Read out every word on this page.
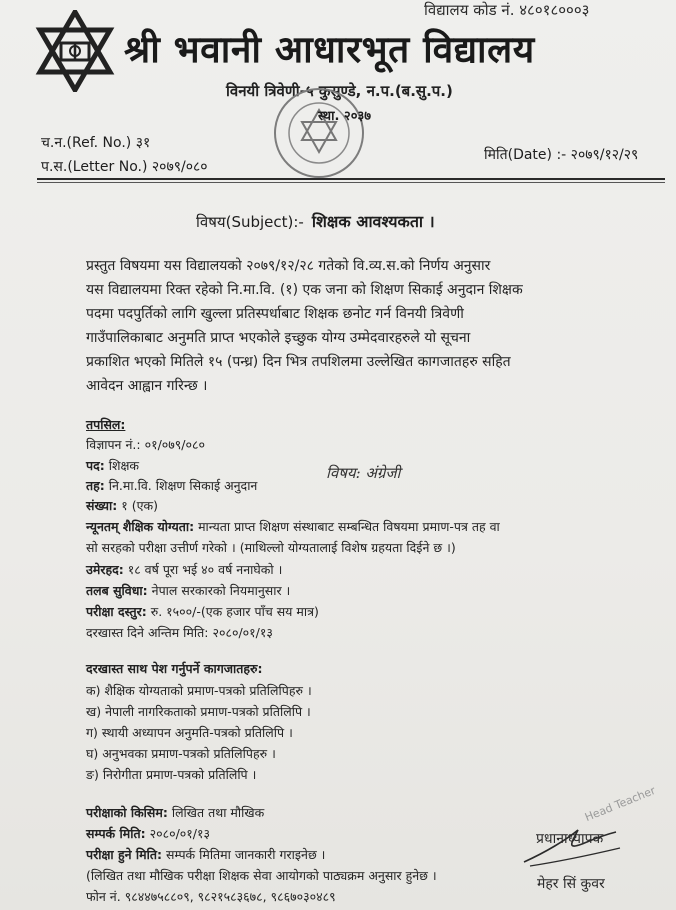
विद्यालय कोड नं. ४८०१८०००३
श्री भवानी आधारभूत विद्यालय
विनयी त्रिवेणी-५ कुसुण्डे, न.प.(ब.सु.प.)
स्था. २०३७
च.न.(Ref. No.) ३१
प.स.(Letter No.) २०७९/०८०
मिति(Date) :- २०७९/१२/२९
विषय(Subject):- शिक्षक आवश्यकता ।
प्रस्तुत विषयमा यस विद्यालयको २०७९/१२/२८ गतेको वि.व्य.स.को निर्णय अनुसार
यस विद्यालयमा रिक्त रहेको नि.मा.वि. (१) एक जना को शिक्षण सिकाई अनुदान शिक्षक
पदमा पदपुर्तिको लागि खुल्ला प्रतिस्पर्धाबाट शिक्षक छनोट गर्न विनयी त्रिवेणी
गाउँपालिकाबाट अनुमति प्राप्त भएकोले इच्छुक योग्य उम्मेदवारहरुले यो सूचना
प्रकाशित भएको मितिले १५ (पन्ध्र) दिन भित्र तपशिलमा उल्लेखित कागजातहरु सहित
आवेदन आह्वान गरिन्छ ।
तपसिल:
विज्ञापन नं.: ०१/०७९/०८०
पद: शिक्षक
तह: नि.मा.वि. शिक्षण सिकाई अनुदान
विषय: अंग्रेजी
संख्या: १ (एक)
न्यूनतम् शैक्षिक योग्यता: मान्यता प्राप्त शिक्षण संस्थाबाट सम्बन्धित विषयमा प्रमाण-पत्र तह वा
सो सरहको परीक्षा उत्तीर्ण गरेको । (माथिल्लो योग्यतालाई विशेष ग्रहयता दिईने छ ।)
उमेरहद: १८ वर्ष पूरा भई ४० वर्ष ननाघेको ।
तलब सुविधा: नेपाल सरकारको नियमानुसार ।
परीक्षा दस्तुर: रु. १५००/-(एक हजार पाँच सय मात्र)
दरखास्त दिने अन्तिम मिति: २०८०/०१/१३
दरखास्त साथ पेश गर्नुपर्ने कागजातहरु:
क) शैक्षिक योग्यताको प्रमाण-पत्रको प्रतिलिपिहरु ।
ख) नेपाली नागरिकताको प्रमाण-पत्रको प्रतिलिपि ।
ग) स्थायी अध्यापन अनुमति-पत्रको प्रतिलिपि ।
घ) अनुभवका प्रमाण-पत्रको प्रतिलिपिहरु ।
ङ) निरोगीता प्रमाण-पत्रको प्रतिलिपि ।
परीक्षाको किसिम: लिखित तथा मौखिक
सम्पर्क मिति: २०८०/०१/१३
परीक्षा हुने मिति: सम्पर्क मितिमा जानकारी गराइनेछ ।
(लिखित तथा मौखिक परीक्षा शिक्षक सेवा आयोगको पाठ्यक्रम अनुसार हुनेछ ।
फोन नं. ९८४४७५८८०९, ९८२१५८३६७८, ९८६७०३०४८९
Head Teacher
प्रधानाध्यापक
मेहर सिं कुवर
